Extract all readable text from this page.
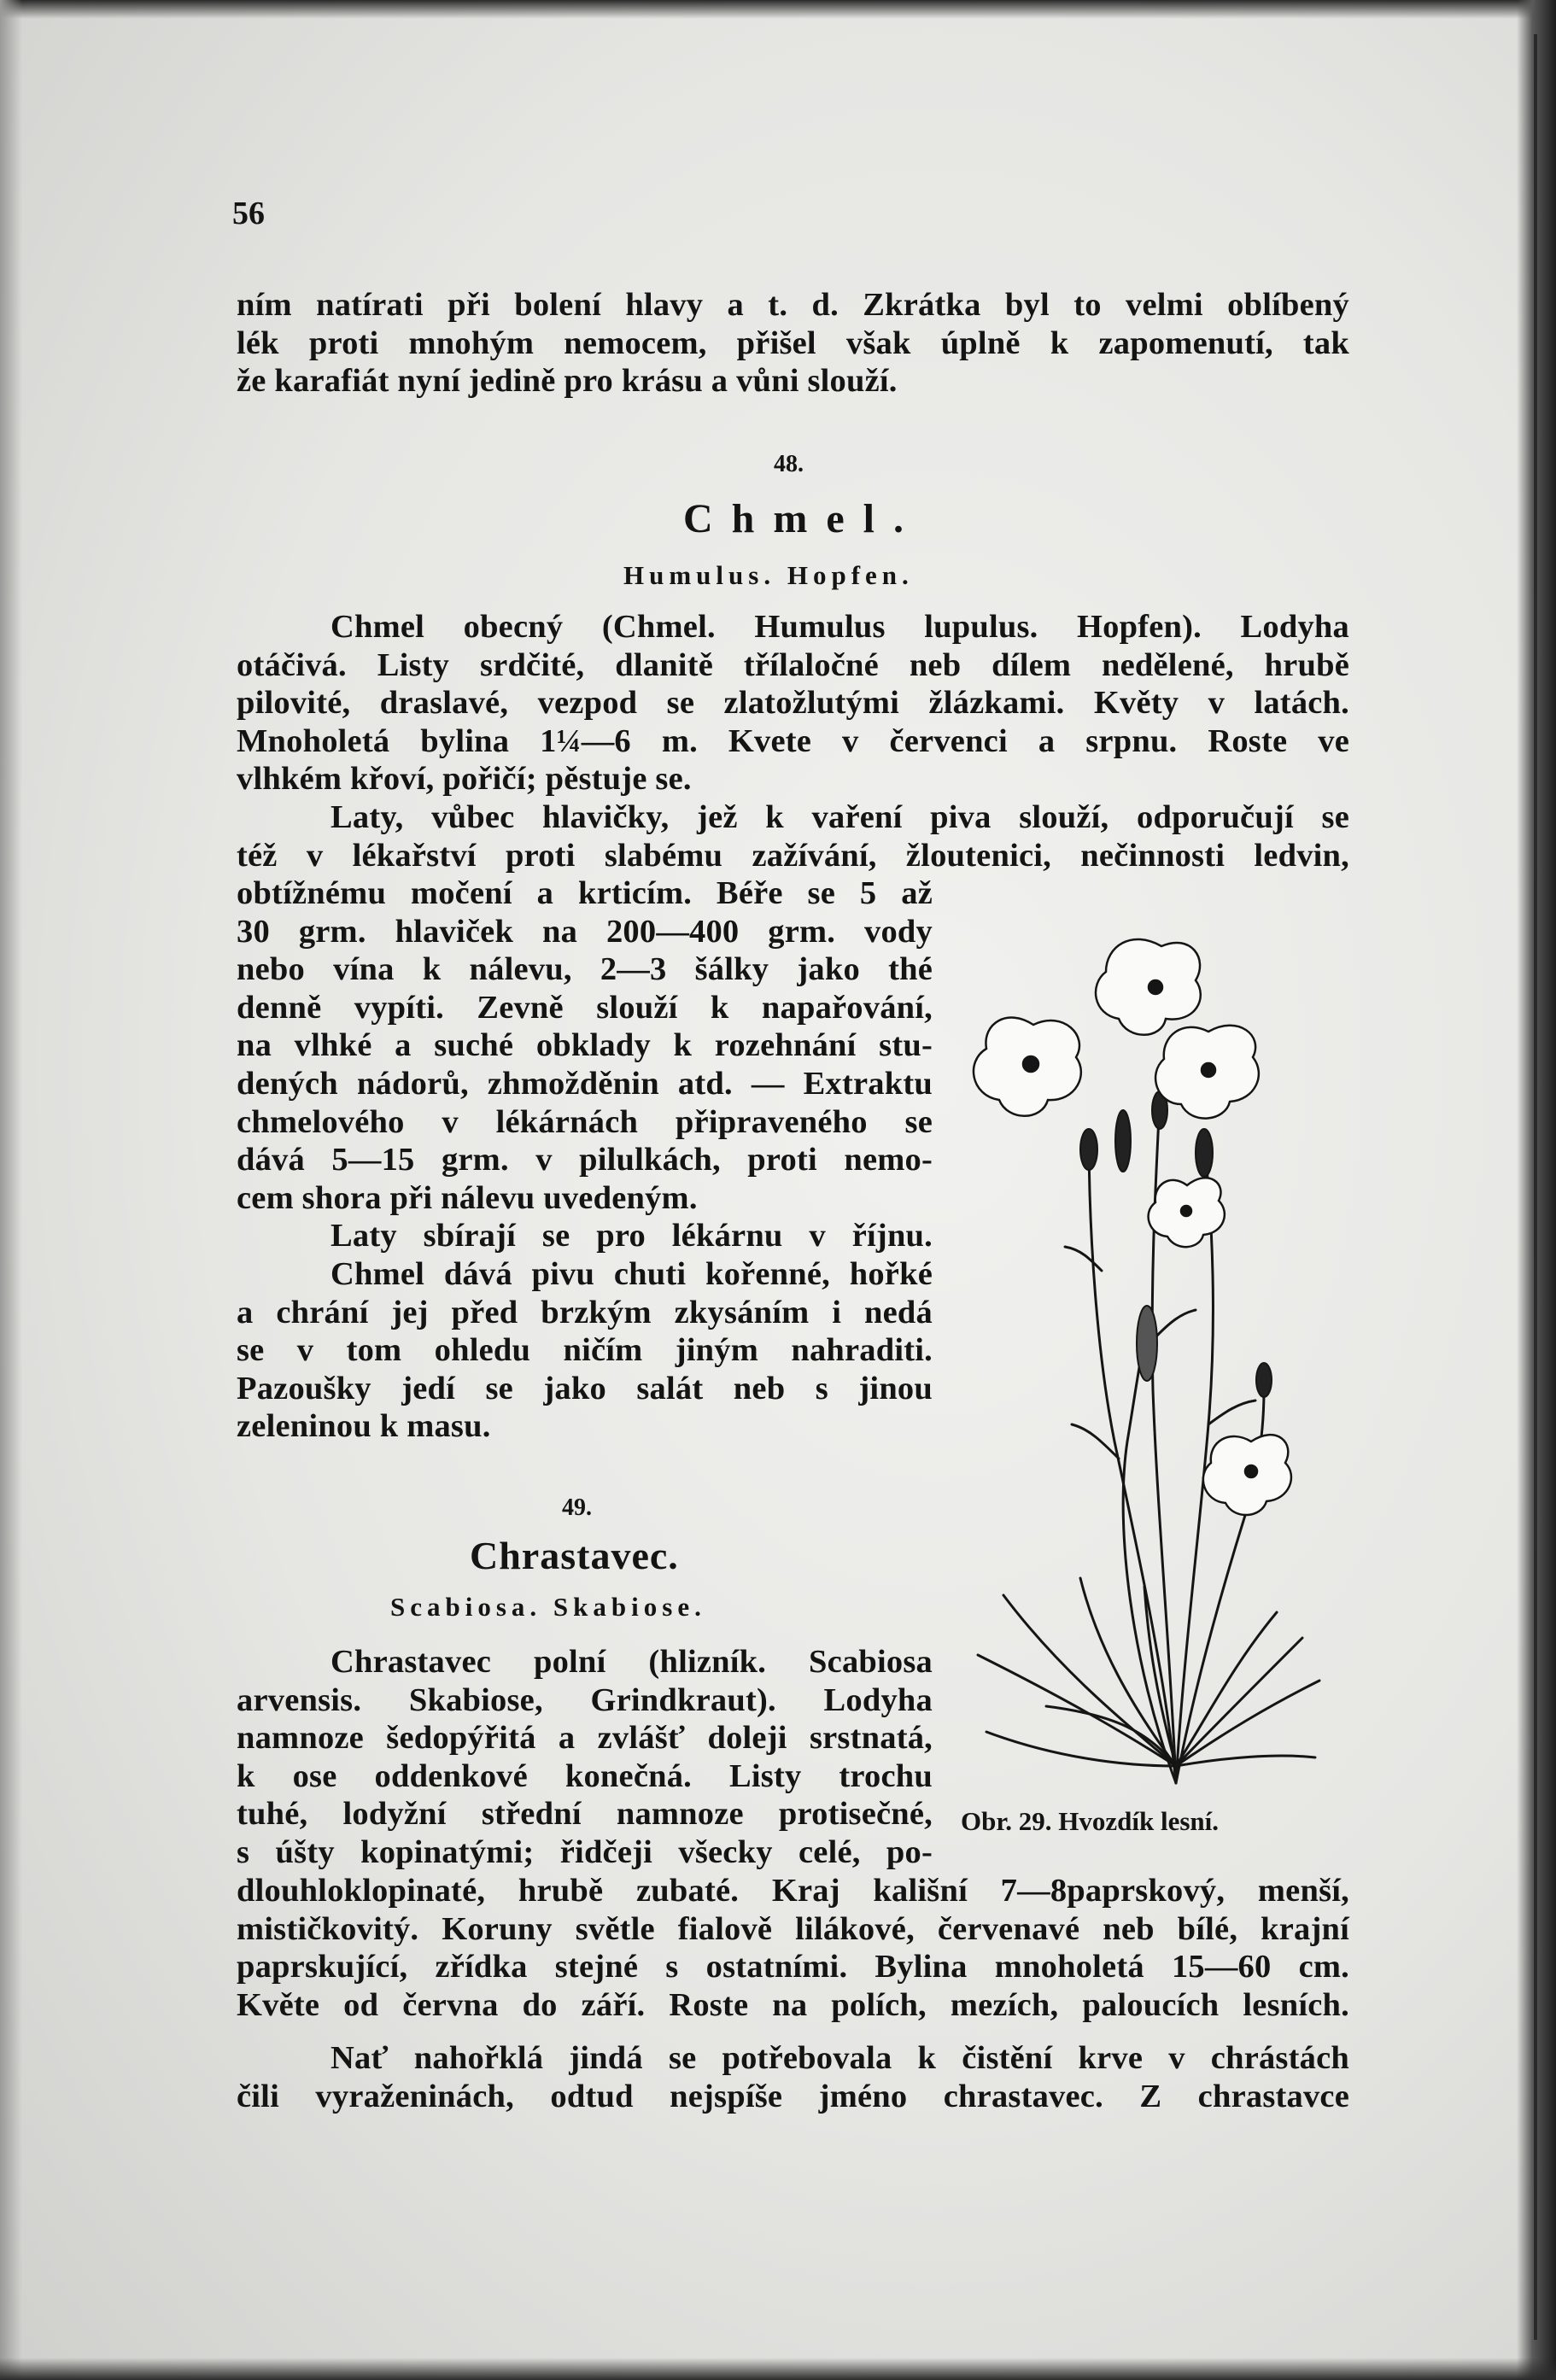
56
ním natírati při bolení hlavy a t. d. Zkrátka byl to velmi oblíbený
lék proti mnohým nemocem, přišel však úplně k zapomenutí, tak
že karafiát nyní jedině pro krásu a vůni slouží.
48.
Chmel.
Humulus. Hopfen.
Chmel obecný (Chmel. Humulus lupulus. Hopfen). Lodyha
otáčivá. Listy srdčité, dlanitě třílaločné neb dílem nedělené, hrubě
pilovité, draslavé, vezpod se zlatožlutými žlázkami. Květy v latách.
Mnoholetá bylina 1¼—6 m. Kvete v červenci a srpnu. Roste ve
vlhkém křoví, pořičí; pěstuje se.
Laty, vůbec hlavičky, jež k vaření piva slouží, odporučují se
též v lékařství proti slabému zažívání, žloutenici, nečinnosti ledvin,
obtížnému močení a krticím. Béře se 5 až
30 grm. hlaviček na 200—400 grm. vody
nebo vína k nálevu, 2—3 šálky jako thé
denně vypíti. Zevně slouží k napařování,
na vlhké a suché obklady k rozehnání stu-
dených nádorů, zhmožděnin atd. — Extraktu
chmelového v lékárnách připraveného se
dává 5—15 grm. v pilulkách, proti nemo-
cem shora při nálevu uvedeným.
Laty sbírají se pro lékárnu v říjnu.
Chmel dává pivu chuti kořenné, hořké
a chrání jej před brzkým zkysáním i nedá
se v tom ohledu ničím jiným nahraditi.
Pazoušky jedí se jako salát neb s jinou
zeleninou k masu.
49.
Chrastavec.
Scabiosa. Skabiose.
Chrastavec polní (hlizník. Scabiosa
arvensis. Skabiose, Grindkraut). Lodyha
namnoze šedopýřitá a zvlášť doleji srstnatá,
k ose oddenkové konečná. Listy trochu
tuhé, lodyžní střední namnoze protisečné,
s úšty kopinatými; řidčeji všecky celé, po-
dlouhloklopinaté, hrubě zubaté. Kraj kališní 7—8paprskový, menší,
mističkovitý. Koruny světle fialově lilákové, červenavé neb bílé, krajní
paprskující, zřídka stejné s ostatními. Bylina mnoholetá 15—60 cm.
Květe od června do září. Roste na polích, mezích, paloucích lesních.
Nať nahořklá jindá se potřebovala k čistění krve v chrástách
čili vyraženinách, odtud nejspíše jméno chrastavec. Z chrastavce
Obr. 29. Hvozdík lesní.
